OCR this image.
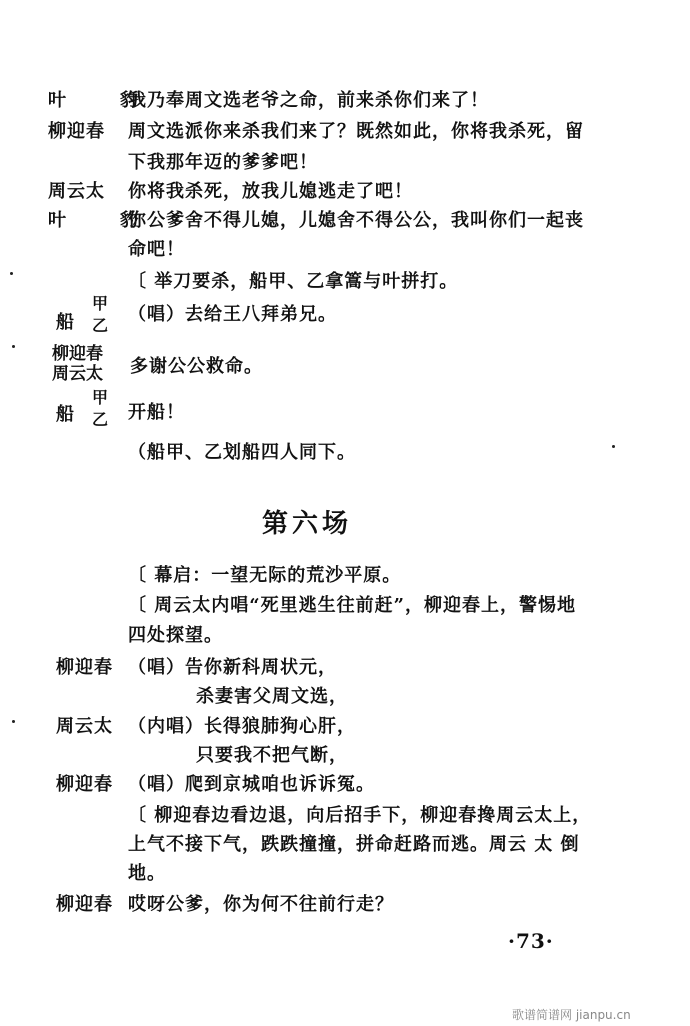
叶　豹
我乃奉周文选老爷之命，前来杀你们来了！
柳迎春 周文选派你来杀我们来了？既然如此，你将我杀死，留
下我那年迈的爹爹吧！
周云太 你将我杀死，放我儿媳逃走了吧！
叶　豹
你公爹舍不得儿媳，儿媳舍不得公公，我叫你们一起丧
命吧！
〔 举刀要杀，船甲、乙拿篙与叶拼打。
船
甲
乙
（唱）去给王八拜弟兄。
柳迎春
周云太 多谢公公救命。
船
甲
乙 开船！
（船甲、乙划船四人同下。
第六场
〔 幕启：一望无际的荒沙平原。
〔 周云太内唱“死里逃生往前赶”，柳迎春上，警惕地
四处探望。
柳迎春 （唱）告你新科周状元，
杀妻害父周文选，
周云太 （内唱）长得狼肺狗心肝，
只要我不把气断，
柳迎春 （唱）爬到京城咱也诉诉冤。
〔 柳迎春边看边退，向后招手下，柳迎春搀周云太上，
上气不接下气，跌跌撞撞，拼命赶路而逃。周云 太 倒
地。
柳迎春 哎呀公爹，你为何不往前行走？
·73·
歌谱简谱网 jianpu.cn
